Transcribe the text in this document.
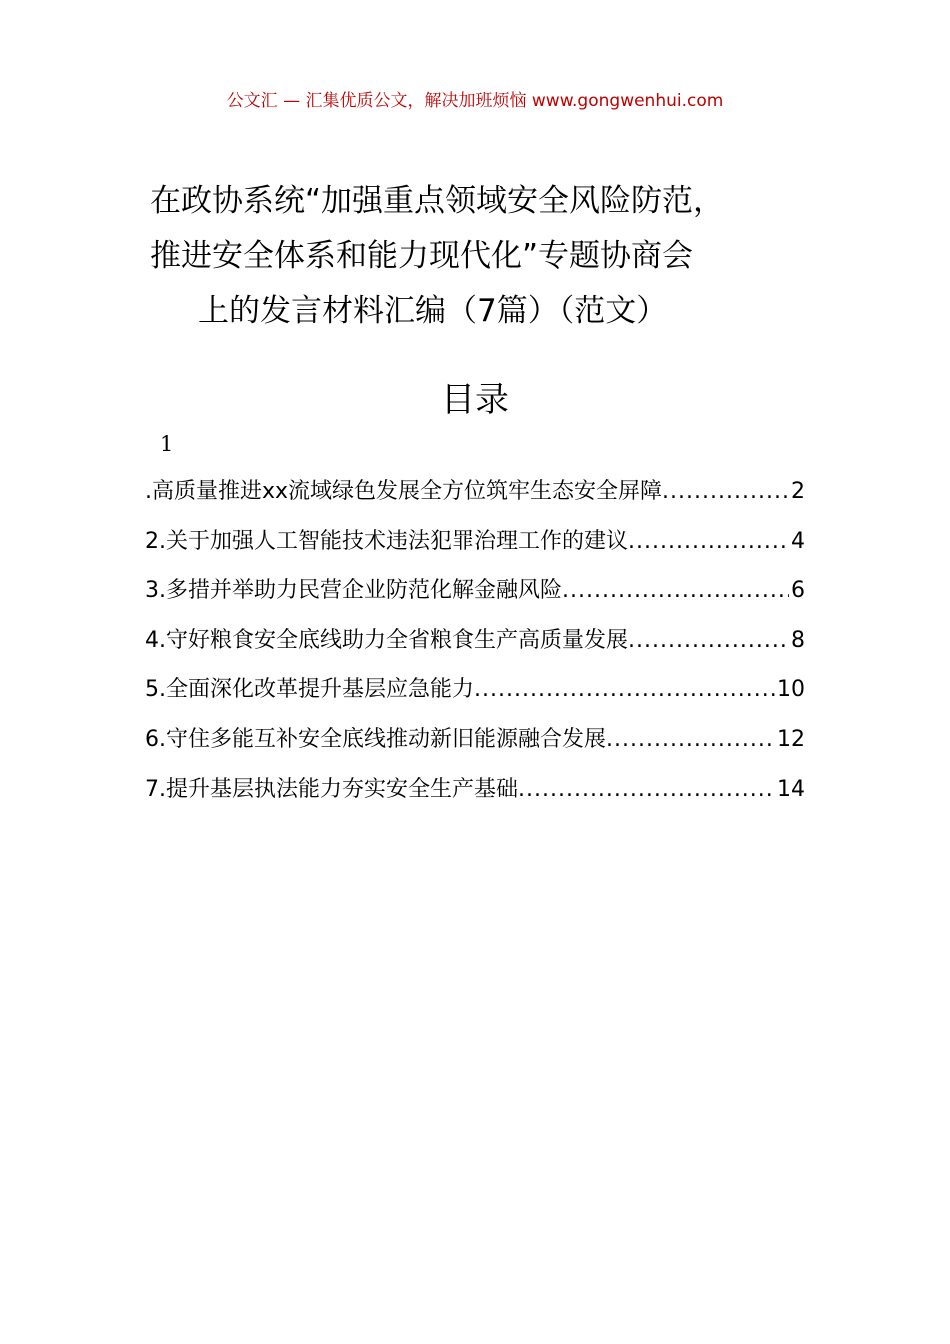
公文汇 — 汇集优质公文，解决加班烦恼 www.gongwenhui.com
在政协系统“加强重点领域安全风险防范，
推进安全体系和能力现代化”专题协商会
上的发言材料汇编（7篇）（范文）
目录
1
.高质量推进xx流域绿色发展全方位筑牢生态安全屏障 .....	2
2.关于加强人工智能技术违法犯罪治理工作的建议 .....	4
3.多措并举助力民营企业防范化解金融风险 .....	6
4.守好粮食安全底线助力全省粮食生产高质量发展 .....	8
5.全面深化改革提升基层应急能力 .....	10
6.守住多能互补安全底线推动新旧能源融合发展 .....	12
7.提升基层执法能力夯实安全生产基础 .....	14
